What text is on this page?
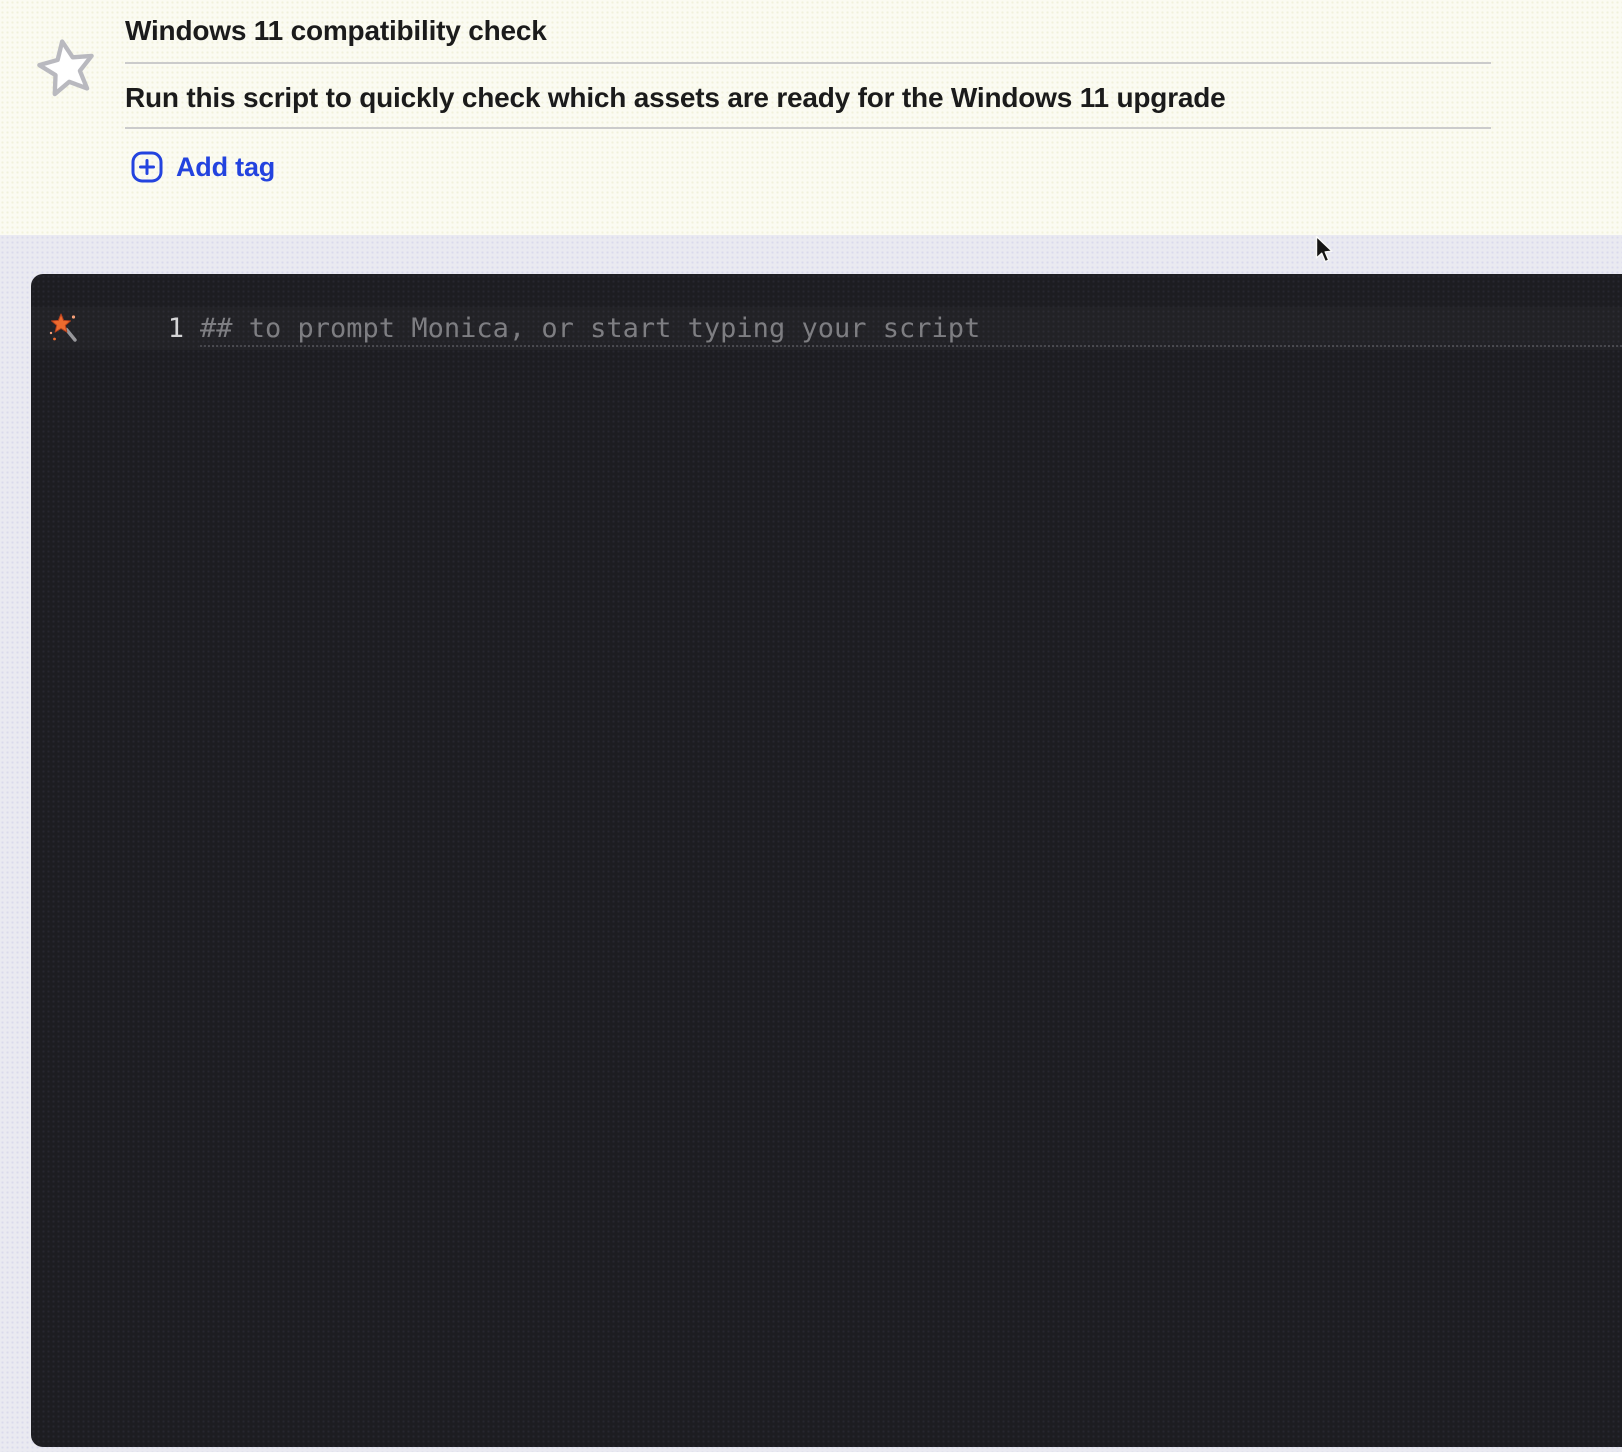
Windows 11 compatibility check
Run this script to quickly check which assets are ready for the Windows 11 upgrade
Add tag
1 ## to prompt Monica, or start typing your script
